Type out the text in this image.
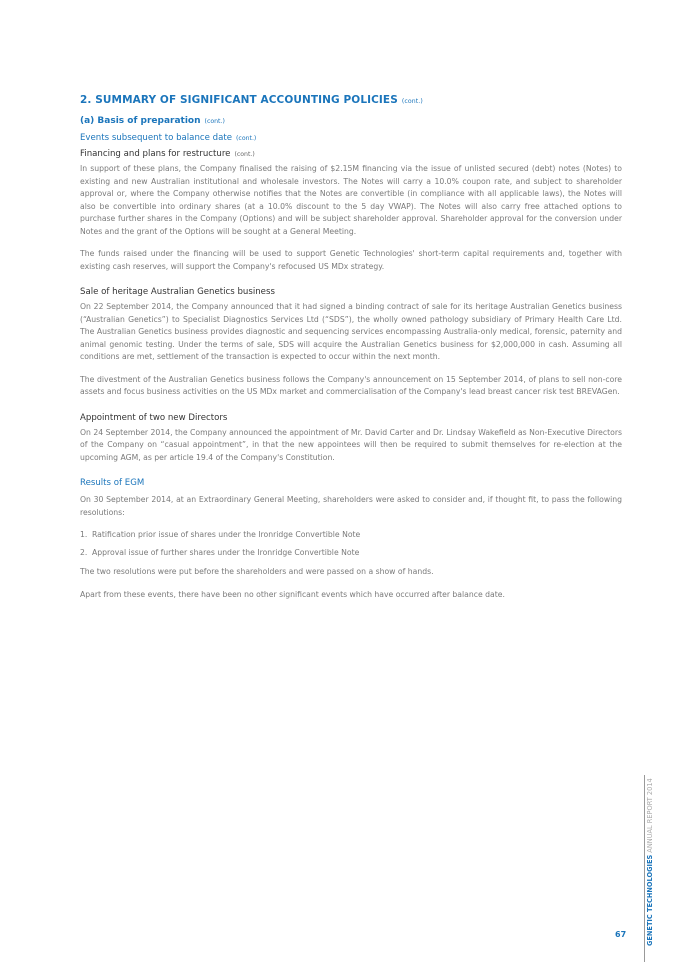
2. SUMMARY OF SIGNIFICANT ACCOUNTING POLICIES (cont.)
(a) Basis of preparation (cont.)
Events subsequent to balance date (cont.)
Financing and plans for restructure (cont.)

In support of these plans, the Company finalised the raising of $2.15M financing via the issue of unlisted secured (debt) notes (Notes) to existing and new Australian institutional and wholesale investors. The Notes will carry a 10.0% coupon rate, and subject to shareholder approval or, where the Company otherwise notifies that the Notes are convertible (in compliance with all applicable laws), the Notes will also be convertible into ordinary shares (at a 10.0% discount to the 5 day VWAP). The Notes will also carry free attached options to purchase further shares in the Company (Options) and will be subject shareholder approval. Shareholder approval for the conversion under Notes and the grant of the Options will be sought at a General Meeting.

The funds raised under the financing will be used to support Genetic Technologies' short-term capital requirements and, together with existing cash reserves, will support the Company's refocused US MDx strategy.

Sale of heritage Australian Genetics business

On 22 September 2014, the Company announced that it had signed a binding contract of sale for its heritage Australian Genetics business (“Australian Genetics”) to Specialist Diagnostics Services Ltd (“SDS”), the wholly owned pathology subsidiary of Primary Health Care Ltd. The Australian Genetics business provides diagnostic and sequencing services encompassing Australia-only medical, forensic, paternity and animal genomic testing. Under the terms of sale, SDS will acquire the Australian Genetics business for $2,000,000 in cash. Assuming all conditions are met, settlement of the transaction is expected to occur within the next month.

The divestment of the Australian Genetics business follows the Company's announcement on 15 September 2014, of plans to sell non-core assets and focus business activities on the US MDx market and commercialisation of the Company's lead breast cancer risk test BREVAGen.

Appointment of two new Directors

On 24 September 2014, the Company announced the appointment of Mr. David Carter and Dr. Lindsay Wakefield as Non-Executive Directors of the Company on “casual appointment”, in that the new appointees will then be required to submit themselves for re-election at the upcoming AGM, as per article 19.4 of the Company's Constitution.

Results of EGM

On 30 September 2014, at an Extraordinary General Meeting, shareholders were asked to consider and, if thought fit, to pass the following resolutions:

1. Ratification prior issue of shares under the Ironridge Convertible Note
2. Approval issue of further shares under the Ironridge Convertible Note

The two resolutions were put before the shareholders and were passed on a show of hands.

Apart from these events, there have been no other significant events which have occurred after balance date.

GENETIC TECHNOLOGIES ANNUAL REPORT 2014
67
